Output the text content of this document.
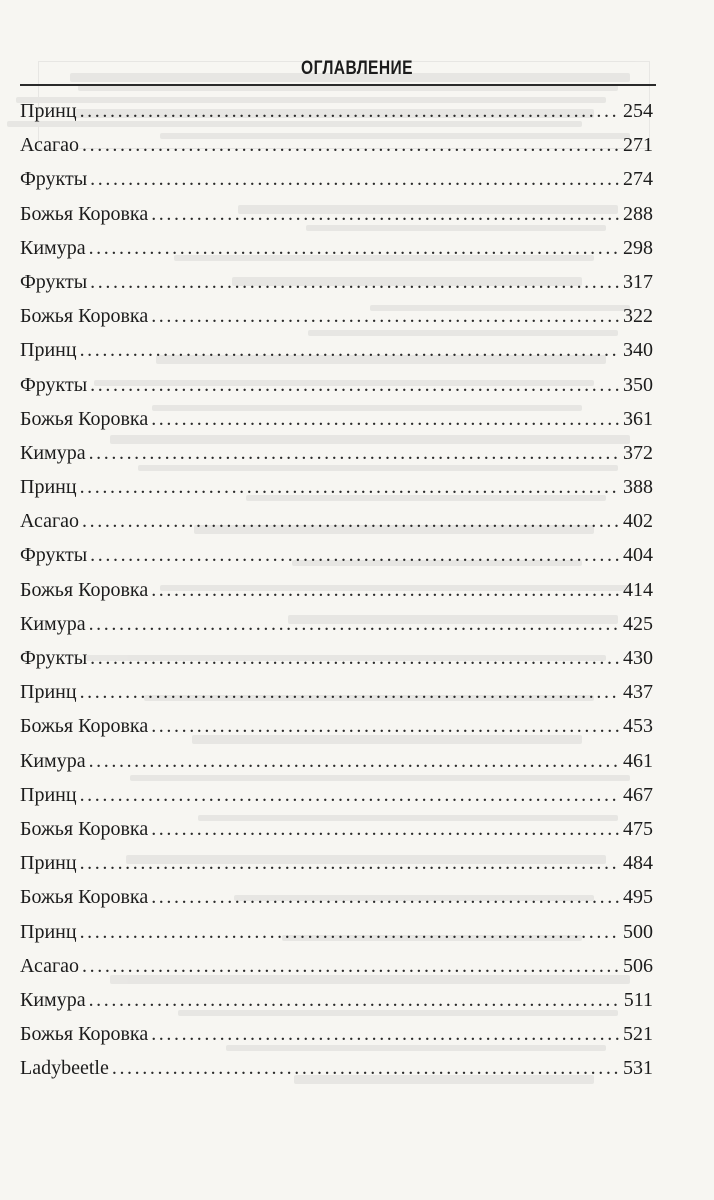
ОГЛАВЛЕНИЕ
Принц . . .	254
Асагао . . .	271
Фрукты . . .	274
Божья Коровка . . .	288
Кимура . . .	298
Фрукты . . .	317
Божья Коровка . . .	322
Принц . . .	340
Фрукты . . .	350
Божья Коровка . . .	361
Кимура . . .	372
Принц . . .	388
Асагао . . .	402
Фрукты . . .	404
Божья Коровка . . .	414
Кимура . . .	425
Фрукты . . .	430
Принц . . .	437
Божья Коровка . . .	453
Кимура . . .	461
Принц . . .	467
Божья Коровка . . .	475
Принц . . .	484
Божья Коровка . . .	495
Принц . . .	500
Асагао . . .	506
Кимура . . .	511
Божья Коровка . . .	521
Ladybeetle . . .	531
